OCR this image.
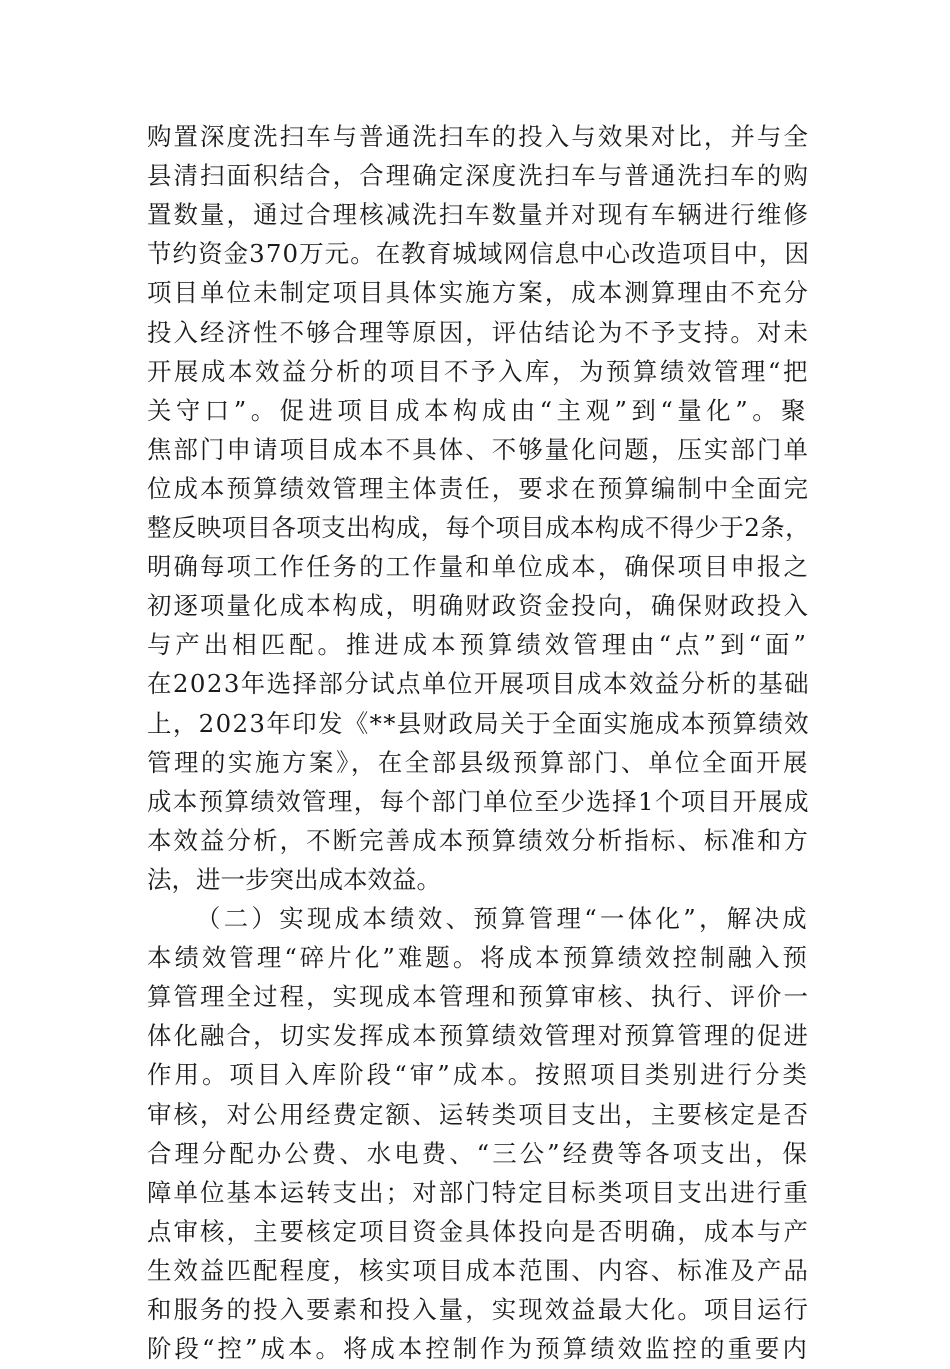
购置深度洗扫车与普通洗扫车的投入与效果对比，并与全
县清扫面积结合，合理确定深度洗扫车与普通洗扫车的购
置数量，通过合理核减洗扫车数量并对现有车辆进行维修
节约资金370万元。在教育城域网信息中心改造项目中，因
项目单位未制定项目具体实施方案，成本测算理由不充分
投入经济性不够合理等原因，评估结论为不予支持。对未
开展成本效益分析的项目不予入库，为预算绩效管理“把
关守口”。促进项目成本构成由“主观”到“量化”。聚
焦部门申请项目成本不具体、不够量化问题，压实部门单
位成本预算绩效管理主体责任，要求在预算编制中全面完
整反映项目各项支出构成，每个项目成本构成不得少于2条，
明确每项工作任务的工作量和单位成本，确保项目申报之
初逐项量化成本构成，明确财政资金投向，确保财政投入
与产出相匹配。推进成本预算绩效管理由“点”到“面”
在2023年选择部分试点单位开展项目成本效益分析的基础
上，2023年印发《**县财政局关于全面实施成本预算绩效
管理的实施方案》，在全部县级预算部门、单位全面开展
成本预算绩效管理，每个部门单位至少选择1个项目开展成
本效益分析，不断完善成本预算绩效分析指标、标准和方
法，进一步突出成本效益。
（二）实现成本绩效、预算管理“一体化”，解决成
本绩效管理“碎片化”难题。将成本预算绩效控制融入预
算管理全过程，实现成本管理和预算审核、执行、评价一
体化融合，切实发挥成本预算绩效管理对预算管理的促进
作用。项目入库阶段“审”成本。按照项目类别进行分类
审核，对公用经费定额、运转类项目支出，主要核定是否
合理分配办公费、水电费、“三公”经费等各项支出，保
障单位基本运转支出；对部门特定目标类项目支出进行重
点审核，主要核定项目资金具体投向是否明确，成本与产
生效益匹配程度，核实项目成本范围、内容、标准及产品
和服务的投入要素和投入量，实现效益最大化。项目运行
阶段“控”成本。将成本控制作为预算绩效监控的重要内
